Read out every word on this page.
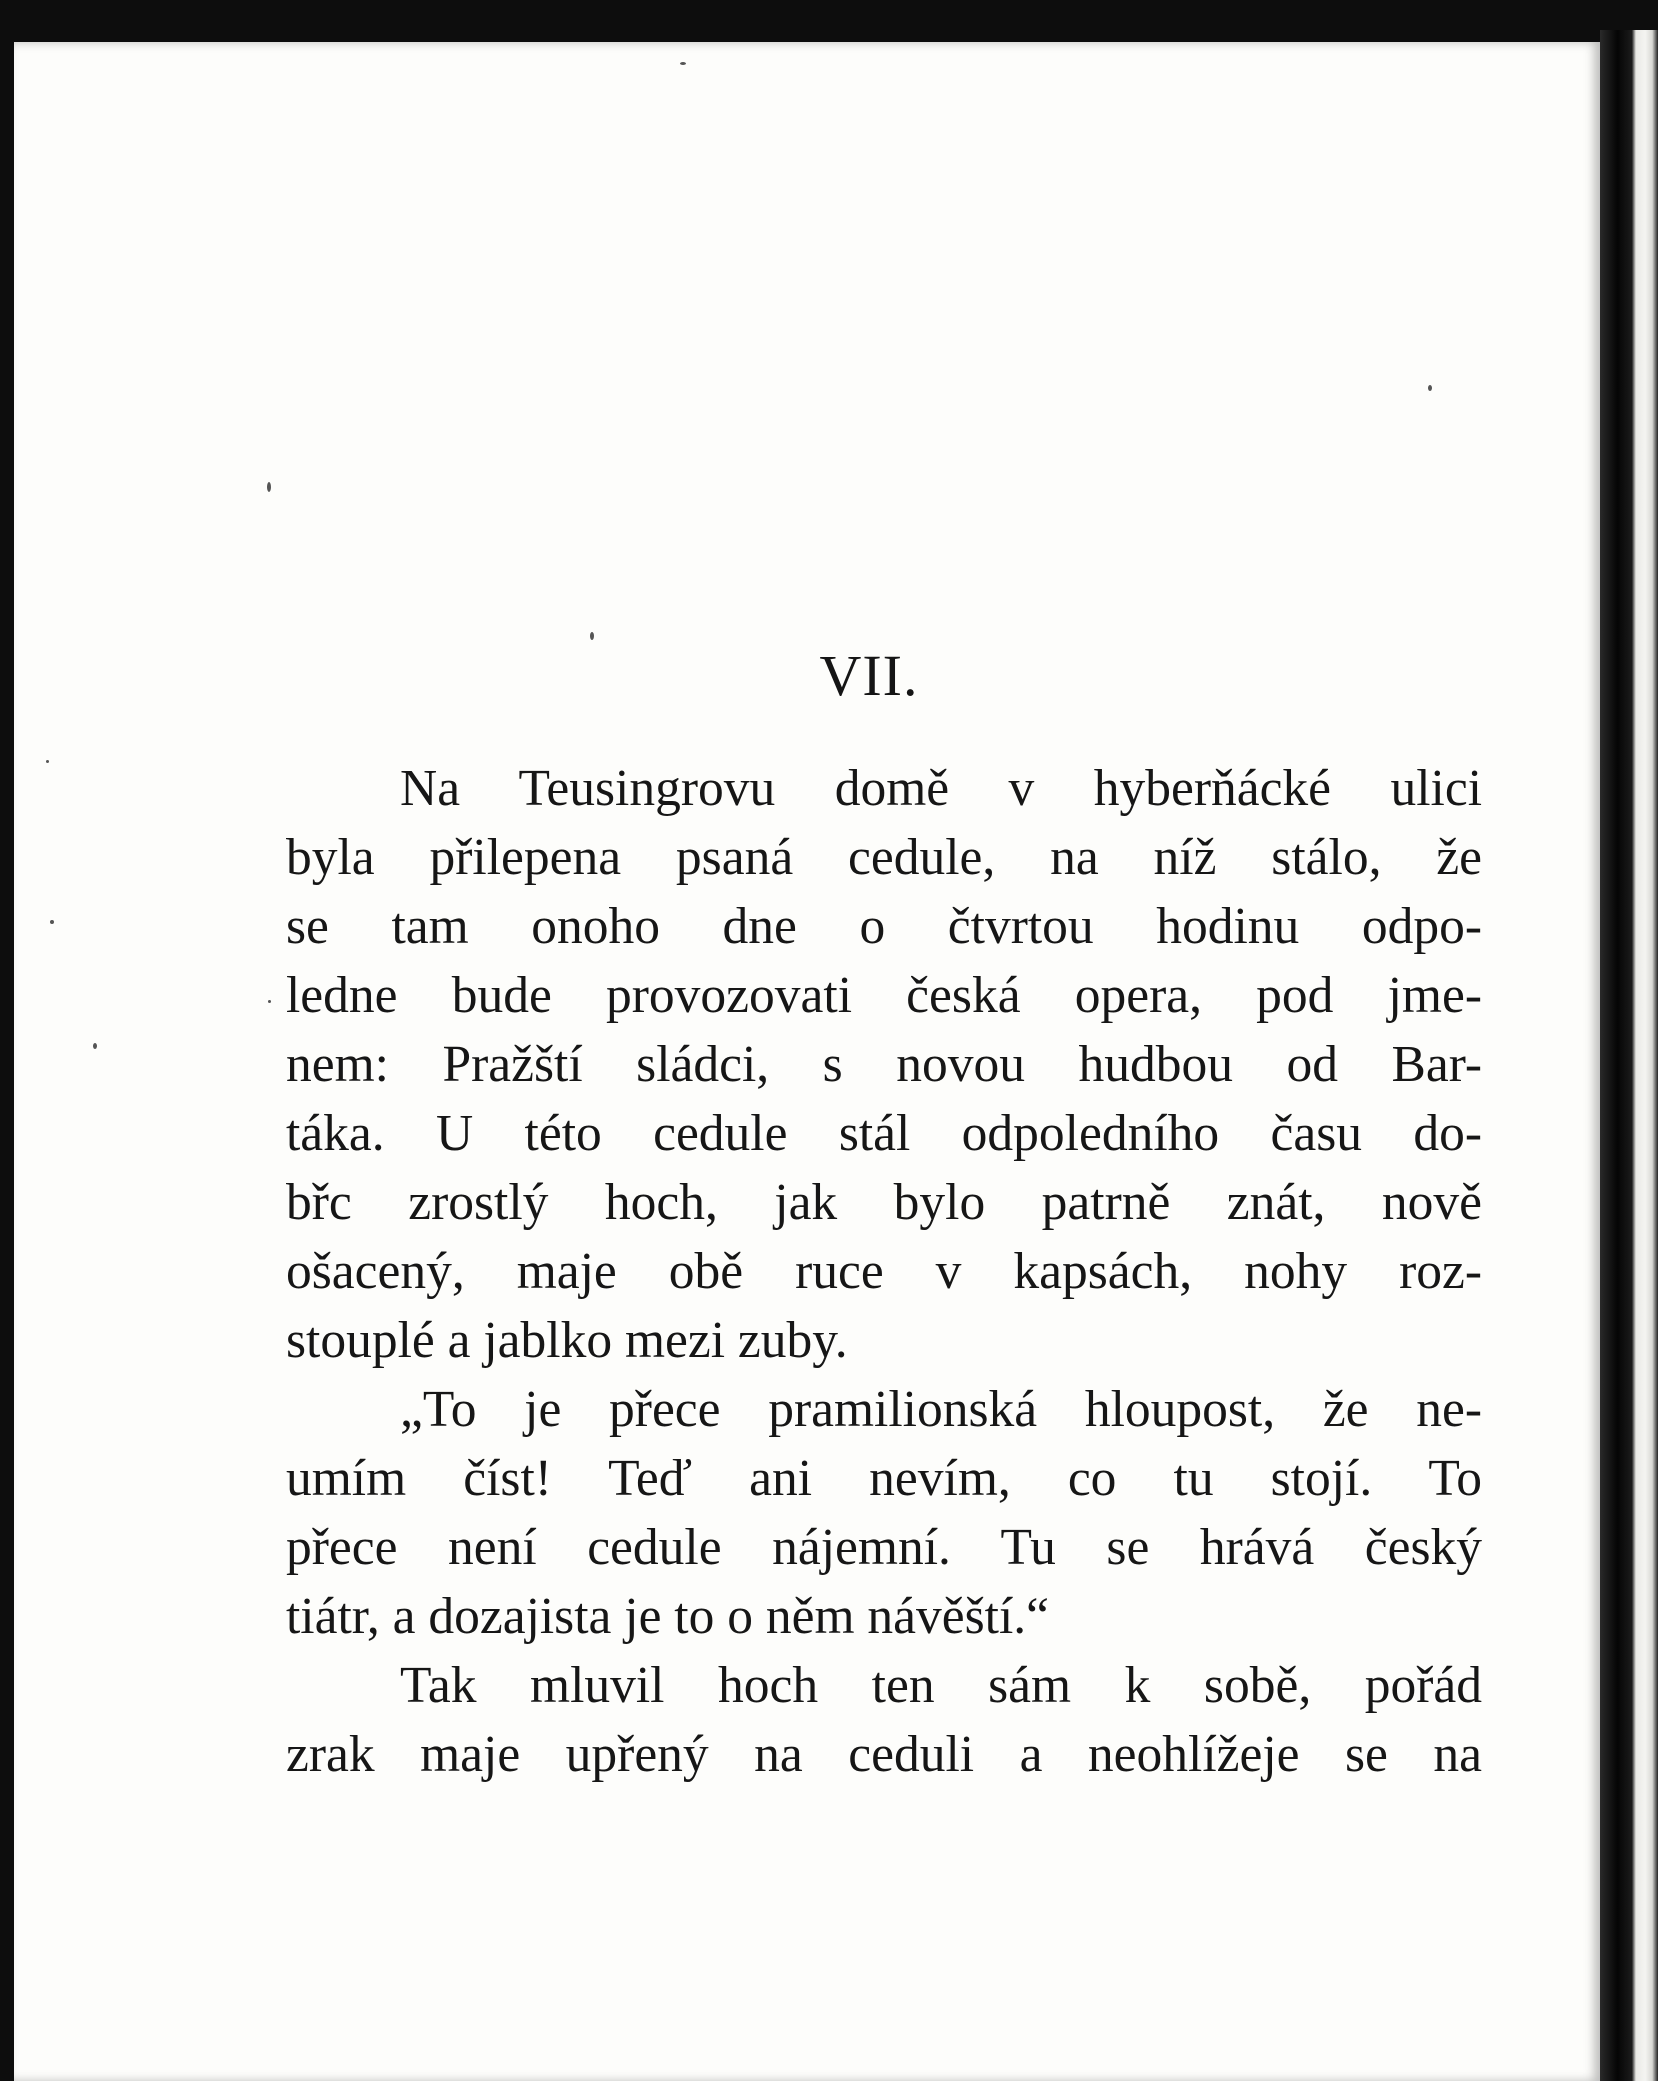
VII.
Na Teusingrovu domě v hyberňácké ulici
byla přilepena psaná cedule, na níž stálo, že
se tam onoho dne o čtvrtou hodinu odpo-
ledne bude provozovati česká opera, pod jme-
nem: Pražští sládci, s novou hudbou od Bar-
táka. U této cedule stál odpoledního času do-
břc zrostlý hoch, jak bylo patrně znát, nově
ošacený, maje obě ruce v kapsách, nohy roz-
stouplé a jablko mezi zuby.
„To je přece pramilionská hloupost, že ne-
umím číst! Teď ani nevím, co tu stojí. To
přece není cedule nájemní. Tu se hrává český
tiátr, a dozajista je to o něm návěští.“
Tak mluvil hoch ten sám k sobě, pořád
zrak maje upřený na ceduli a neohlížeje se na
